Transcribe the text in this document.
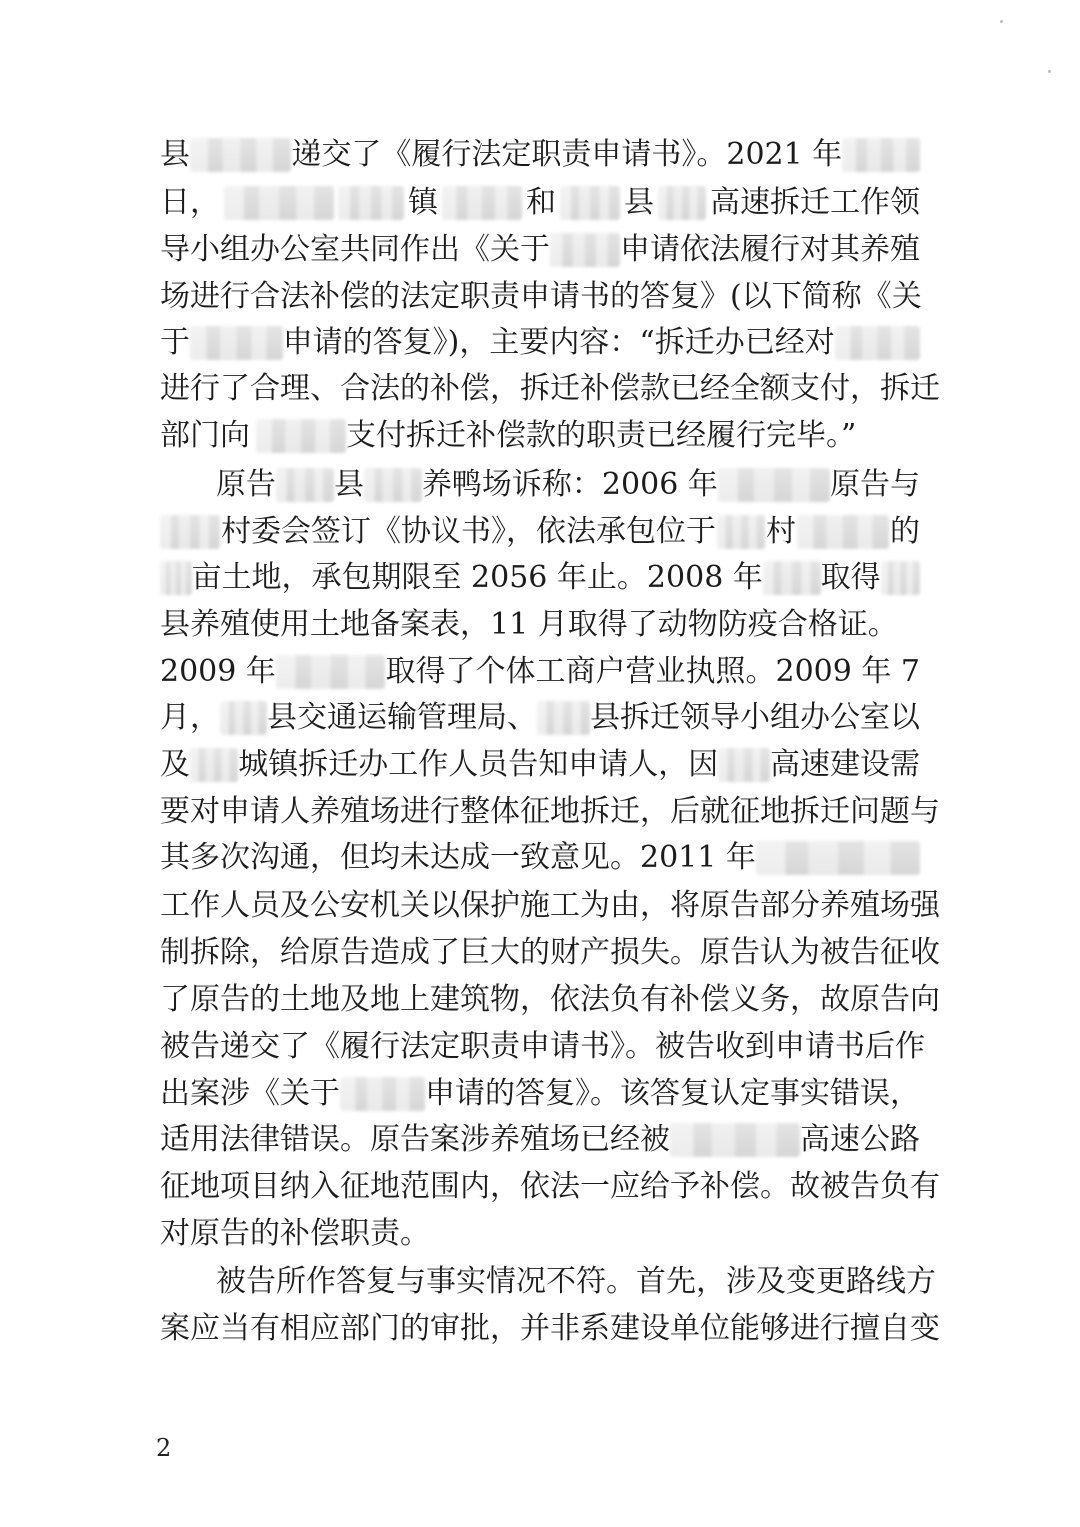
县	递交了《履行法定职责申请书》。2021 年
日，	镇	和 县 高速拆迁工作领
导小组办公室共同作出《关于 申请依法履行对其养殖
场进行合法补偿的法定职责申请书的答复》(以下简称《关
于	申请的答复》)，主要内容：“拆迁办已经对
进行了合理、合法的补偿，拆迁补偿款已经全额支付，拆迁
部门向	支付拆迁补偿款的职责已经履行完毕。”
原告 县 养鸭场诉称：2006 年	原告与
村委会签订《协议书》，依法承包位于 村	的
亩土地，承包期限至 2056 年止。2008 年 取得
县养殖使用土地备案表，11 月取得了动物防疫合格证。
2009 年	取得了个体工商户营业执照。2009 年 7
月， 县交通运输管理局、 县拆迁领导小组办公室以
及 城镇拆迁办工作人员告知申请人，因 高速建设需
要对申请人养殖场进行整体征地拆迁，后就征地拆迁问题与
其多次沟通，但均未达成一致意见。2011 年
工作人员及公安机关以保护施工为由，将原告部分养殖场强
制拆除，给原告造成了巨大的财产损失。原告认为被告征收
了原告的土地及地上建筑物，依法负有补偿义务，故原告向
被告递交了《履行法定职责申请书》。被告收到申请书后作
出案涉《关于	申请的答复》。该答复认定事实错误，
适用法律错误。原告案涉养殖场已经被	高速公路
征地项目纳入征地范围内，依法一应给予补偿。故被告负有
对原告的补偿职责。
被告所作答复与事实情况不符。首先，涉及变更路线方
案应当有相应部门的审批，并非系建设单位能够进行擅自变
2
